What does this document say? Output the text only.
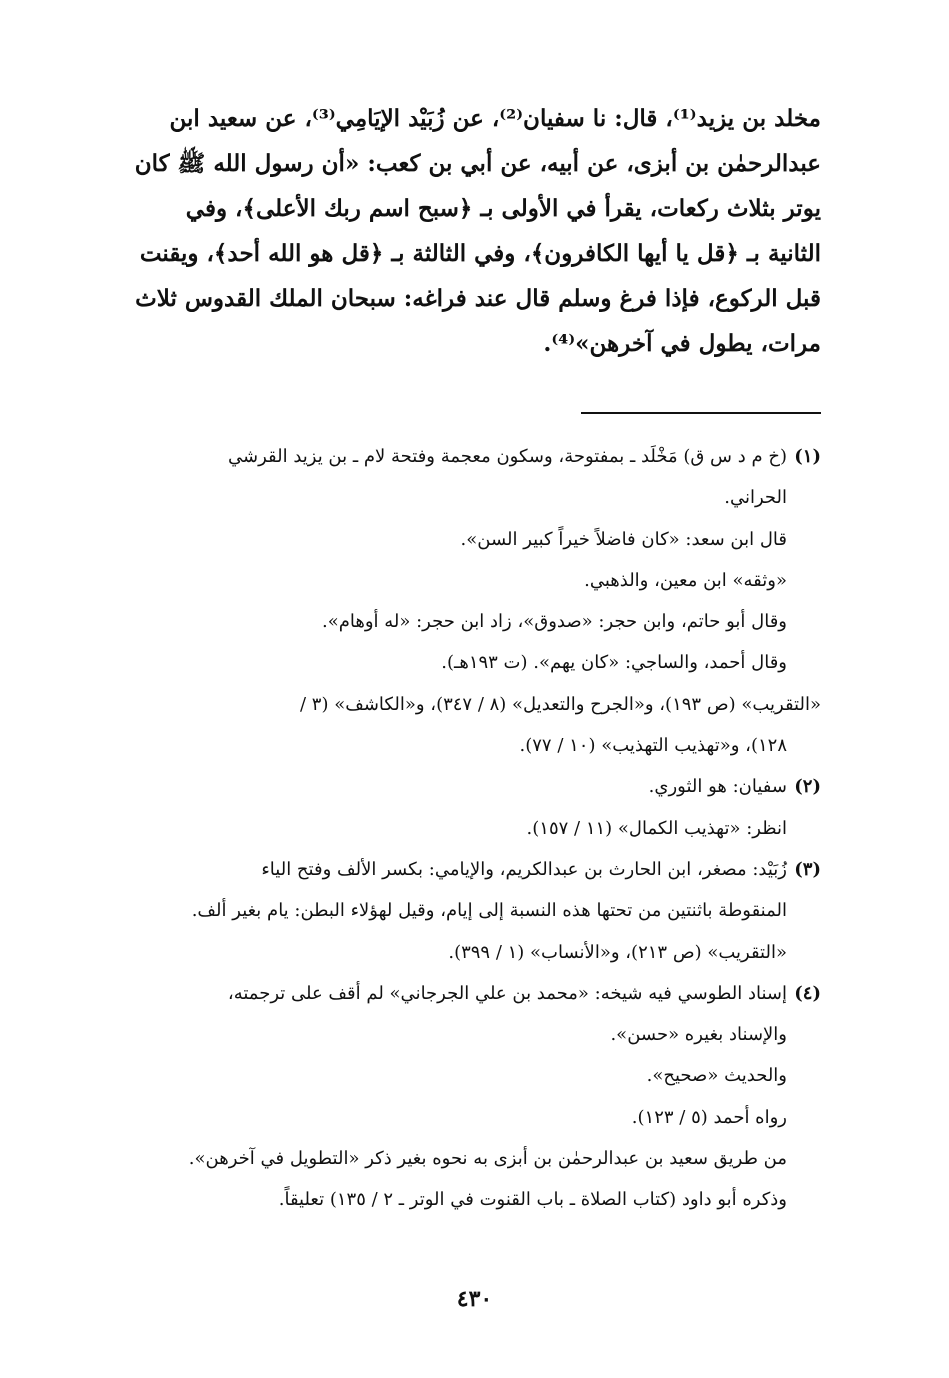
مخلد بن يزيد⁽¹⁾، قال: نا سفيان⁽²⁾، عن زُبَيْد الإيَامِي⁽³⁾، عن سعيد ابن
عبدالرحمٰن بن أبزى، عن أبيه، عن أبي بن كعب: «أن رسول الله ﷺ كان
يوتر بثلاث ركعات، يقرأ في الأولى بـ ﴿سبح اسم ربك الأعلى﴾، وفي
الثانية بـ ﴿قل يا أيها الكافرون﴾، وفي الثالثة بـ ﴿قل هو الله أحد﴾، ويقنت
قبل الركوع، فإذا فرغ وسلم قال عند فراغه: سبحان الملك القدوس ثلاث
مرات، يطول في آخرهن»⁽⁴⁾.
(١)
(خ م د س ق) مَخْلَد ـ بمفتوحة، وسكون معجمة وفتحة لام ـ بن يزيد القرشي
الحراني.
قال ابن سعد: «كان فاضلاً خيراً كبير السن».
«وثقه» ابن معين، والذهبي.
وقال أبو حاتم، وابن حجر: «صدوق»، زاد ابن حجر: «له أوهام».
وقال أحمد، والساجي: «كان يهم». (ت ١٩٣هـ).
«التقريب» (ص ١٩٣)، و«الجرح والتعديل» (٨ / ٣٤٧)، و«الكاشف» (٣ /
١٢٨)، و«تهذيب التهذيب» (١٠ / ٧٧).
(٢)
سفيان: هو الثوري.
انظر: «تهذيب الكمال» (١١ / ١٥٧).
(٣)
زُبَيْد: مصغر، ابن الحارث بن عبدالكريم، والإيامي: بكسر الألف وفتح الياء
المنقوطة باثنتين من تحتها هذه النسبة إلى إيام، وقيل لهؤلاء البطن: يام بغير ألف.
«التقريب» (ص ٢١٣)، و«الأنساب» (١ / ٣٩٩).
(٤)
إسناد الطوسي فيه شيخه: «محمد بن علي الجرجاني» لم أقف على ترجمته،
والإسناد بغيره «حسن».
والحديث «صحيح».
رواه أحمد (٥ / ١٢٣).
من طريق سعيد بن عبدالرحمٰن بن أبزى به نحوه بغير ذكر «التطويل في آخرهن».
وذكره أبو داود (كتاب الصلاة ـ باب القنوت في الوتر ـ ٢ / ١٣٥) تعليقاً.
٤٣٠
